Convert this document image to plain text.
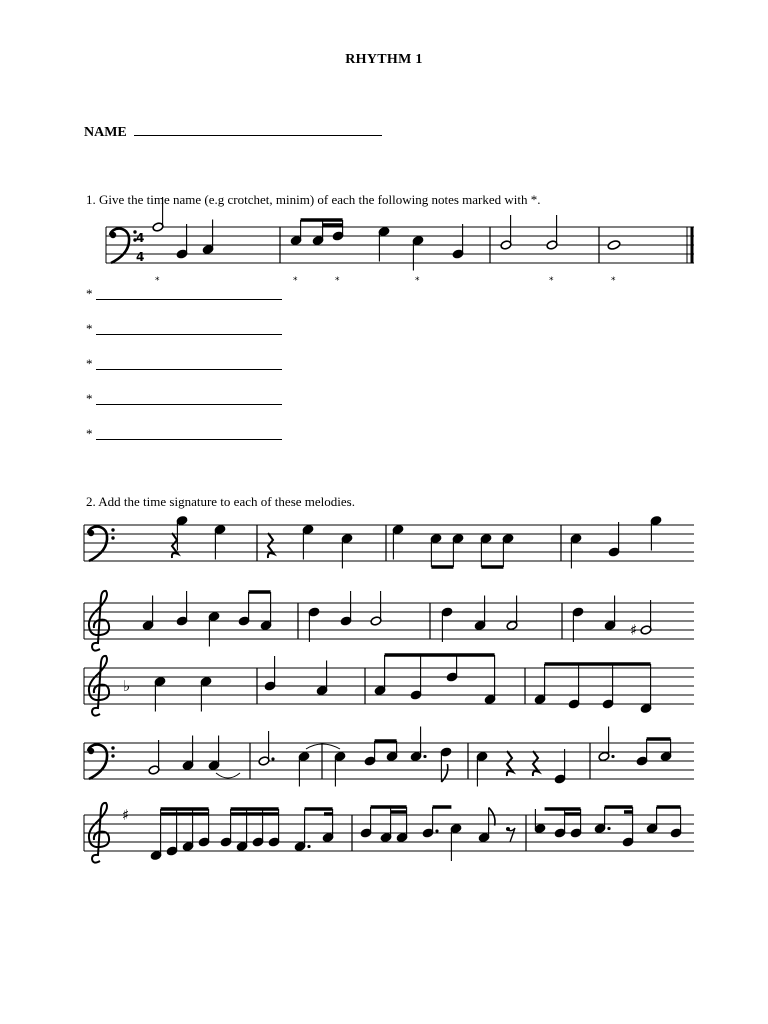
RHYTHM 1
NAME
1. Give the time name (e.g crotchet, minim) of each the following notes marked with *.
*
*
*
*
*
2. Add the time signature to each of these melodies.
4
4
*	*	*	*	*	*
♯
♭
♯
